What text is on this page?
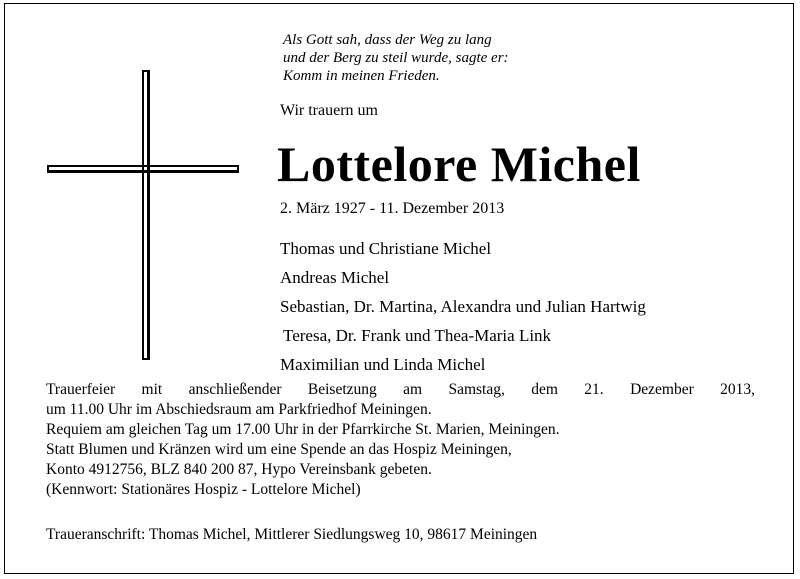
Als Gott sah, dass der Weg zu lang
und der Berg zu steil wurde, sagte er:
Komm in meinen Frieden.
Wir trauern um
Lottelore Michel
2. März 1927 - 11. Dezember 2013
Thomas und Christiane Michel
Andreas Michel
Sebastian, Dr. Martina, Alexandra und Julian Hartwig
Teresa, Dr. Frank und Thea-Maria Link
Maximilian und Linda Michel
Trauerfeier mit anschließender Beisetzung am Samstag, dem 21. Dezember 2013,
um 11.00 Uhr im Abschiedsraum am Parkfriedhof Meiningen.
Requiem am gleichen Tag um 17.00 Uhr in der Pfarrkirche St. Marien, Meiningen.
Statt Blumen und Kränzen wird um eine Spende an das Hospiz Meiningen,
Konto 4912756, BLZ 840 200 87, Hypo Vereinsbank gebeten.
(Kennwort: Stationäres Hospiz - Lottelore Michel)
Traueranschrift: Thomas Michel, Mittlerer Siedlungsweg 10, 98617 Meiningen
